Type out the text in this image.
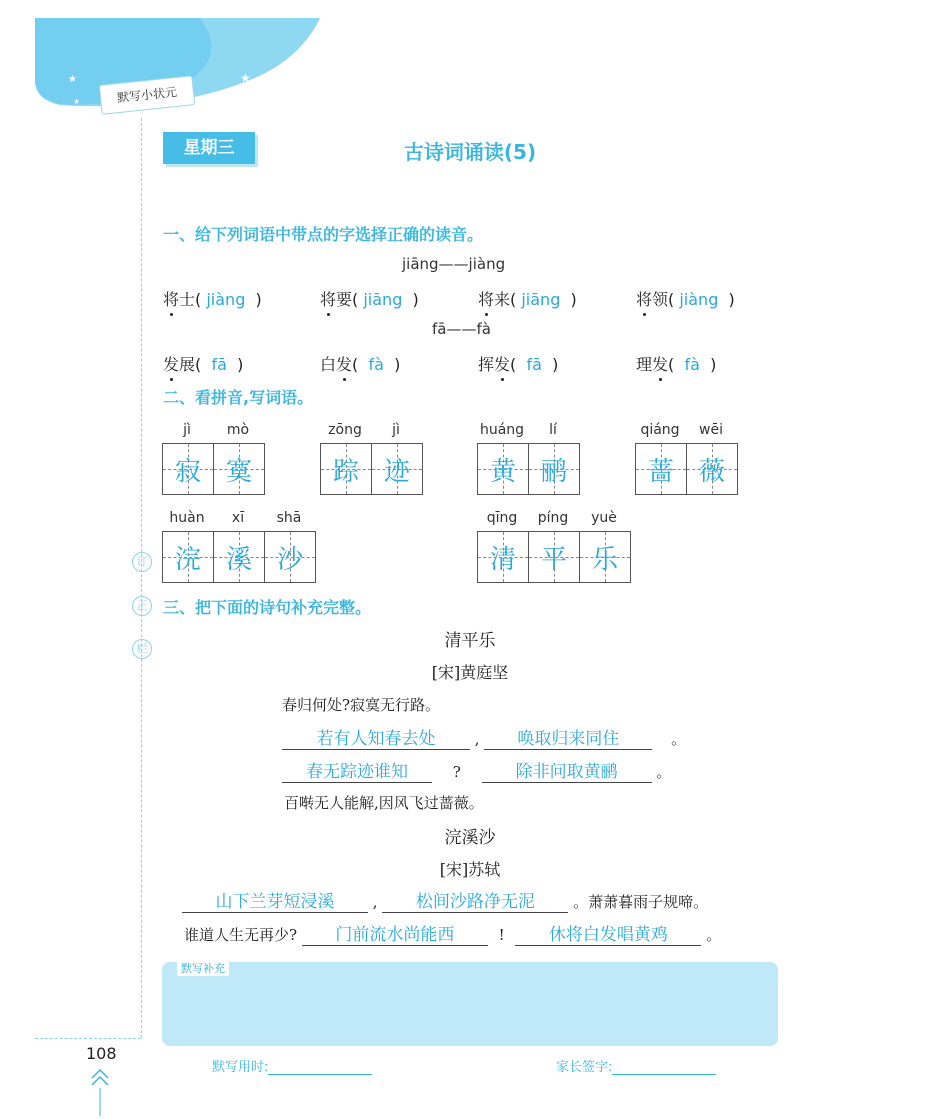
★	★
★	默写小状元
星期三	古诗词诵读(5)
订
正
栏
一、给下列词语中带点的字选择正确的读音。
jiāng——jiàng
将士( jiàng  )	将要( jiāng  )	将来( jiāng  )	将领( jiàng  )
fā——fà
发展(  fā  )	白发(  fà  )	挥发(  fā  )	理发(  fà  )
二、看拼音,写词语。
jì	mò
寂 寞
zōng	jì
踪 迹
huáng	lí
黄 鹂
qiáng	wēi
蔷 薇
huàn	xī	shā
浣 溪 沙
qīng	píng	yuè
清 平 乐
三、把下面的诗句补充完整。
清平乐
[宋]黄庭坚
春归何处?寂寞无行路。
若有人知春去处	, 唤取归来同住	。
春无踪迹谁知	?	除非问取黄鹂	。
百啭无人能解,因风飞过蔷薇。
浣溪沙
[宋]苏轼
山下兰芽短浸溪	, 松间沙路净无泥	。萧萧暮雨子规啼。
谁道人生无再少? 门前流水尚能西	!	休将白发唱黄鸡	。
默写补充
108
默写用时:	家长签字:
